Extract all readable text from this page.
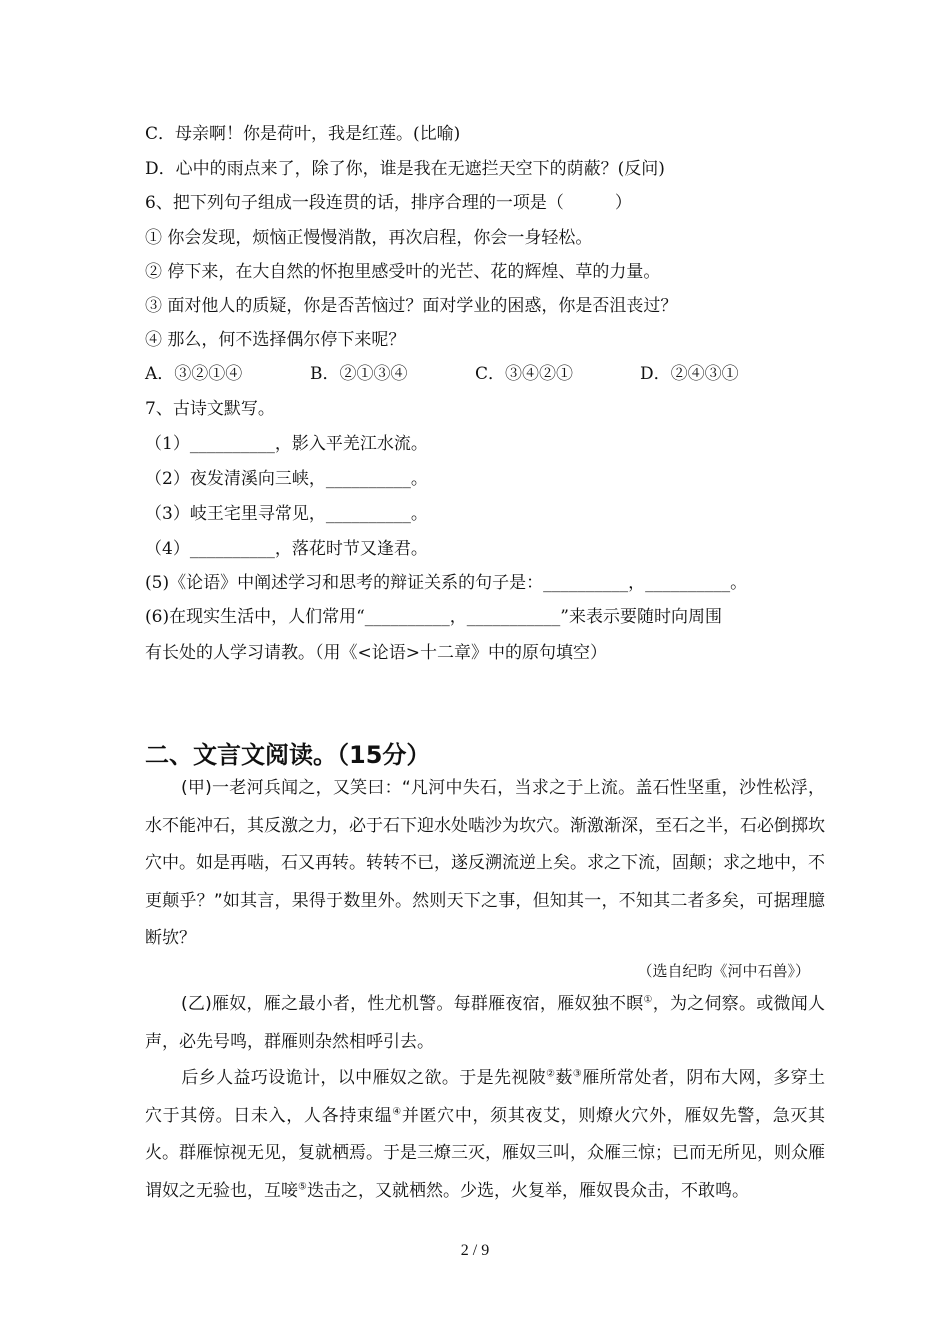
C．母亲啊！你是荷叶，我是红莲。(比喻)
D．心中的雨点来了，除了你，谁是我在无遮拦天空下的荫蔽？(反问)
6、把下列句子组成一段连贯的话，排序合理的一项是（　　　）
① 你会发现，烦恼正慢慢消散，再次启程，你会一身轻松。
② 停下来，在大自然的怀抱里感受叶的光芒、花的辉煌、草的力量。
③ 面对他人的质疑，你是否苦恼过？面对学业的困惑，你是否沮丧过？
④ 那么，何不选择偶尔停下来呢？
A．③②①④	B．②①③④	C．③④②①	D．②④③①
7、古诗文默写。
（1）__________，影入平羌江水流。
（2）夜发清溪向三峡，__________。
（3）岐王宅里寻常见，__________。
（4）__________，落花时节又逢君。
(5)《论语》中阐述学习和思考的辩证关系的句子是：__________，__________。
(6)在现实生活中，人们常用“__________，___________”来表示要随时向周围
有长处的人学习请教。（用《<论语>十二章》中的原句填空）
二、文言文阅读。（15分）
(甲)一老河兵闻之，又笑曰：“凡河中失石，当求之于上流。盖石性坚重，沙性松浮，水不能冲石，其反激之力，必于石下迎水处啮沙为坎穴。渐激渐深，至石之半，石必倒掷坎穴中。如是再啮，石又再转。转转不已，遂反溯流逆上矣。求之下流，固颠；求之地中，不更颠乎？”如其言，果得于数里外。然则天下之事，但知其一，不知其二者多矣，可据理臆断欤？
（选自纪昀《河中石兽》）
(乙)雁奴，雁之最小者，性尤机警。每群雁夜宿，雁奴独不瞑①，为之伺察。或微闻人声，必先号鸣，群雁则杂然相呼引去。
后乡人益巧设诡计，以中雁奴之欲。于是先视陂②薮③雁所常处者，阴布大网，多穿土穴于其傍。日未入，人各持束缊④并匿穴中，须其夜艾，则燎火穴外，雁奴先警，急灭其火。群雁惊视无见，复就栖焉。于是三燎三灭，雁奴三叫，众雁三惊；已而无所见，则众雁谓奴之无验也，互唼⑤迭击之，又就栖然。少选，火复举，雁奴畏众击，不敢鸣。
2 / 9
